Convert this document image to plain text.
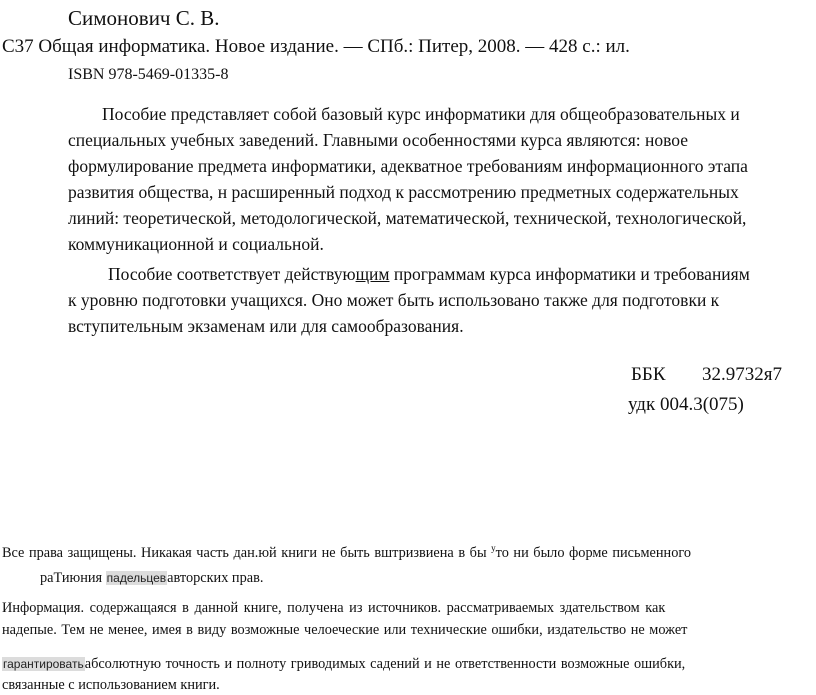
Симонович С. В.
С37 Общая информатика. Новое издание. — СПб.: Питер, 2008. — 428 с.: ил.
ISBN 978-5469-01335-8
Пособие представляет собой базовый курс информатики для общеобразовательных и
специальных учебных заведений. Главными особенностями курса являются: новое
формулирование предмета информатики, адекватное требованиям информационного этапа
развития общества, н расширенный подход к рассмотрению предметных содержательных
линий: теоретической, методологической, математической, технической, технологической,
коммуникационной и социальной.
Пособие соответствует действующим программам курса информатики и требованиям
к уровню подготовки учащихся. Оно может быть использовано также для подготовки к
вступительным экзаменам или для самообразования.
ББК 32.9732я7
удк 004.3(075)
Все права защищены. Никакая часть дан.юй книги не быть вштризвиена в бы $^у$то ни было форме письменного
раТиюния падельцевавторских прав.
Информация. содержащаяся в данной книге, получена из источников. рассматриваемых здательством как
надепые. Тем не менее, имея в виду возможные челоеческие или технические ошибки, издательство не может
гарантироватьабсолютную точность и полноту гриводимых садений и не ответственности возможные ошибки,
связанные с использованием книги.
